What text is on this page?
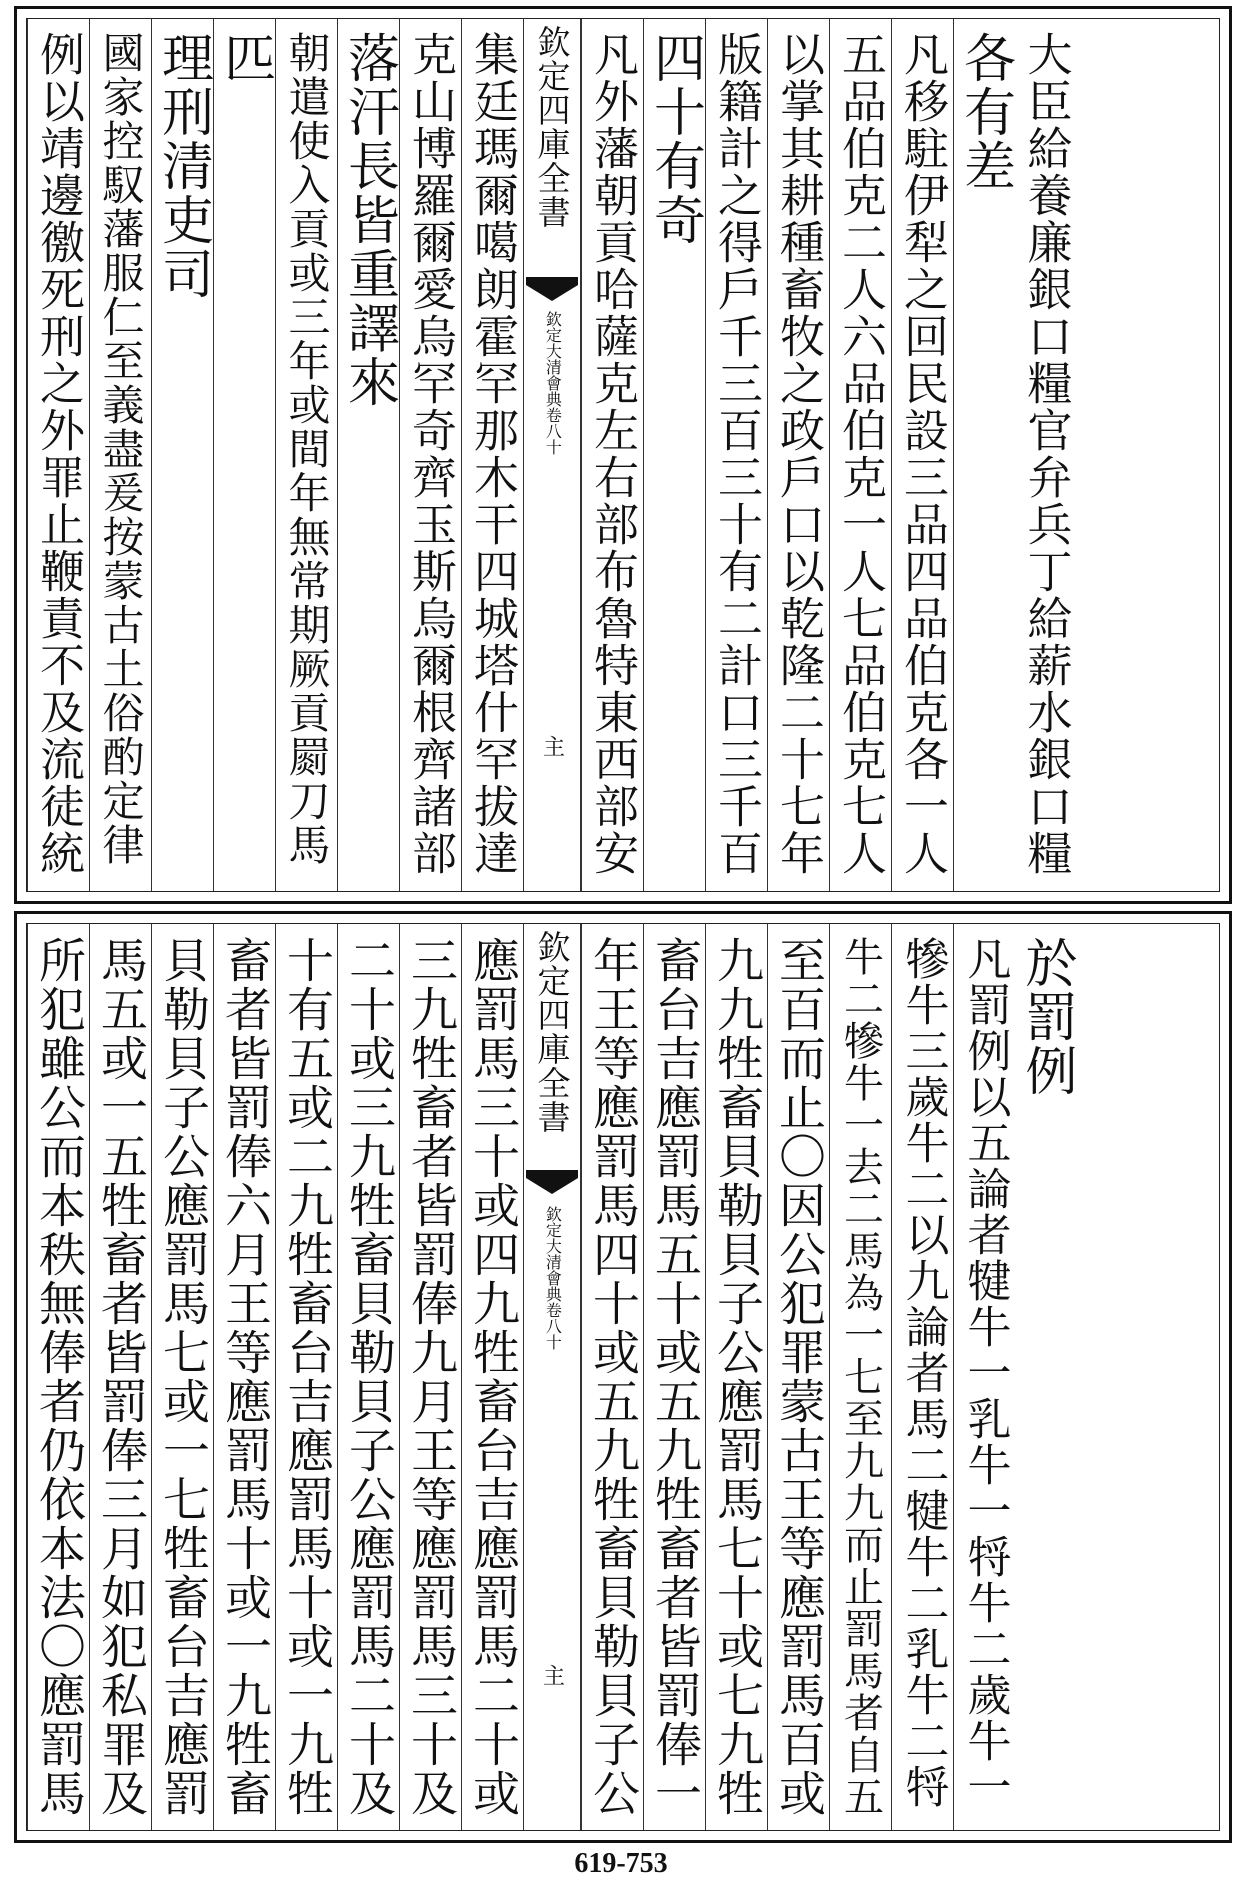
例以靖邊徼死刑之外罪止鞭責不及流徒統 國家控馭藩服仁至義盡爰按蒙古土俗酌定律 理刑清吏司 匹 朝遣使入貢或三年或間年無常期厥貢罽刀馬 落汗長皆重譯來 克山博羅爾愛烏罕奇齊玉斯烏爾根齊諸部 集廷瑪爾噶朗霍罕那木干四城塔什罕拔達 欽定四庫全書
欽定大清會典卷八十
主 凡外藩朝貢哈薩克左右部布魯特東西部安 四十有奇 版籍計之得戶千三百三十有二計口三千百 以掌其耕種畜牧之政戶口以乾隆二十七年 五品伯克二人六品伯克一人七品伯克七人 凡移駐伊犁之回民設三品四品伯克各一人 各有差 大臣給養廉銀口糧官弁兵丁給薪水銀口糧
所犯雖公而本秩無俸者仍依本法〇應罰馬 馬五或一五牲畜者皆罰俸三月如犯私罪及 貝勒貝子公應罰馬七或一七牲畜台吉應罰 畜者皆罰俸六月王等應罰馬十或一九牲畜 十有五或二九牲畜台吉應罰馬十或一九牲 二十或三九牲畜貝勒貝子公應罰馬二十及 三九牲畜者皆罰俸九月王等應罰馬三十及 應罰馬三十或四九牲畜台吉應罰馬二十或 欽定四庫全書
欽定大清會典卷八十
主 年王等應罰馬四十或五九牲畜貝勒貝子公 畜台吉應罰馬五十或五九牲畜者皆罰俸一 九九牲畜貝勒貝子公應罰馬七十或七九牲 至百而止〇因公犯罪蒙古王等應罰馬百或 牛二犙牛一去二馬為一七至九九而止罰馬者自五 犙牛三歲牛二以九論者馬二犍牛二乳牛二㸹 凡罰例以五論者犍牛一乳牛一㸹牛二歲牛一 於罰例
619-753
